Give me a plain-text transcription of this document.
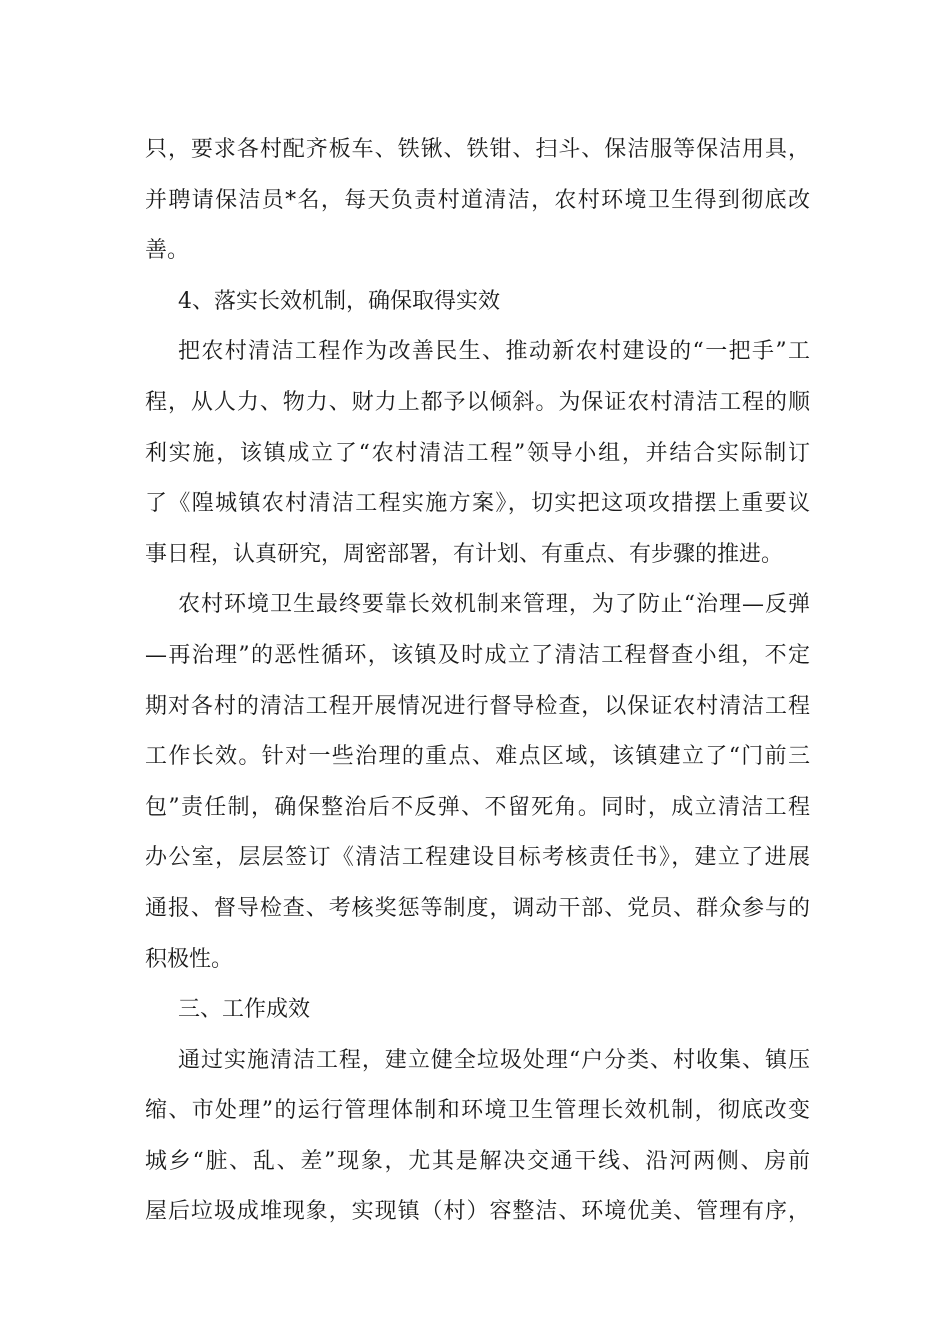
只，要求各村配齐板车、铁锹、铁钳、扫斗、保洁服等保洁用具，
并聘请保洁员*名，每天负责村道清洁，农村环境卫生得到彻底改
善。
4、落实长效机制，确保取得实效
把农村清洁工程作为改善民生、推动新农村建设的“一把手”工
程，从人力、物力、财力上都予以倾斜。为保证农村清洁工程的顺
利实施，该镇成立了“农村清洁工程”领导小组，并结合实际制订
了《隍城镇农村清洁工程实施方案》，切实把这项攻措摆上重要议
事日程，认真研究，周密部署，有计划、有重点、有步骤的推进。
农村环境卫生最终要靠长效机制来管理，为了防止“治理—反弹
—再治理”的恶性循环，该镇及时成立了清洁工程督查小组，不定
期对各村的清洁工程开展情况进行督导检查，以保证农村清洁工程
工作长效。针对一些治理的重点、难点区域，该镇建立了“门前三
包”责任制，确保整治后不反弹、不留死角。同时，成立清洁工程
办公室，层层签订《清洁工程建设目标考核责任书》，建立了进展
通报、督导检查、考核奖惩等制度，调动干部、党员、群众参与的
积极性。
三、工作成效
通过实施清洁工程，建立健全垃圾处理“户分类、村收集、镇压
缩、市处理”的运行管理体制和环境卫生管理长效机制，彻底改变
城乡“脏、乱、差”现象，尤其是解决交通干线、沿河两侧、房前
屋后垃圾成堆现象，实现镇（村）容整洁、环境优美、管理有序，
